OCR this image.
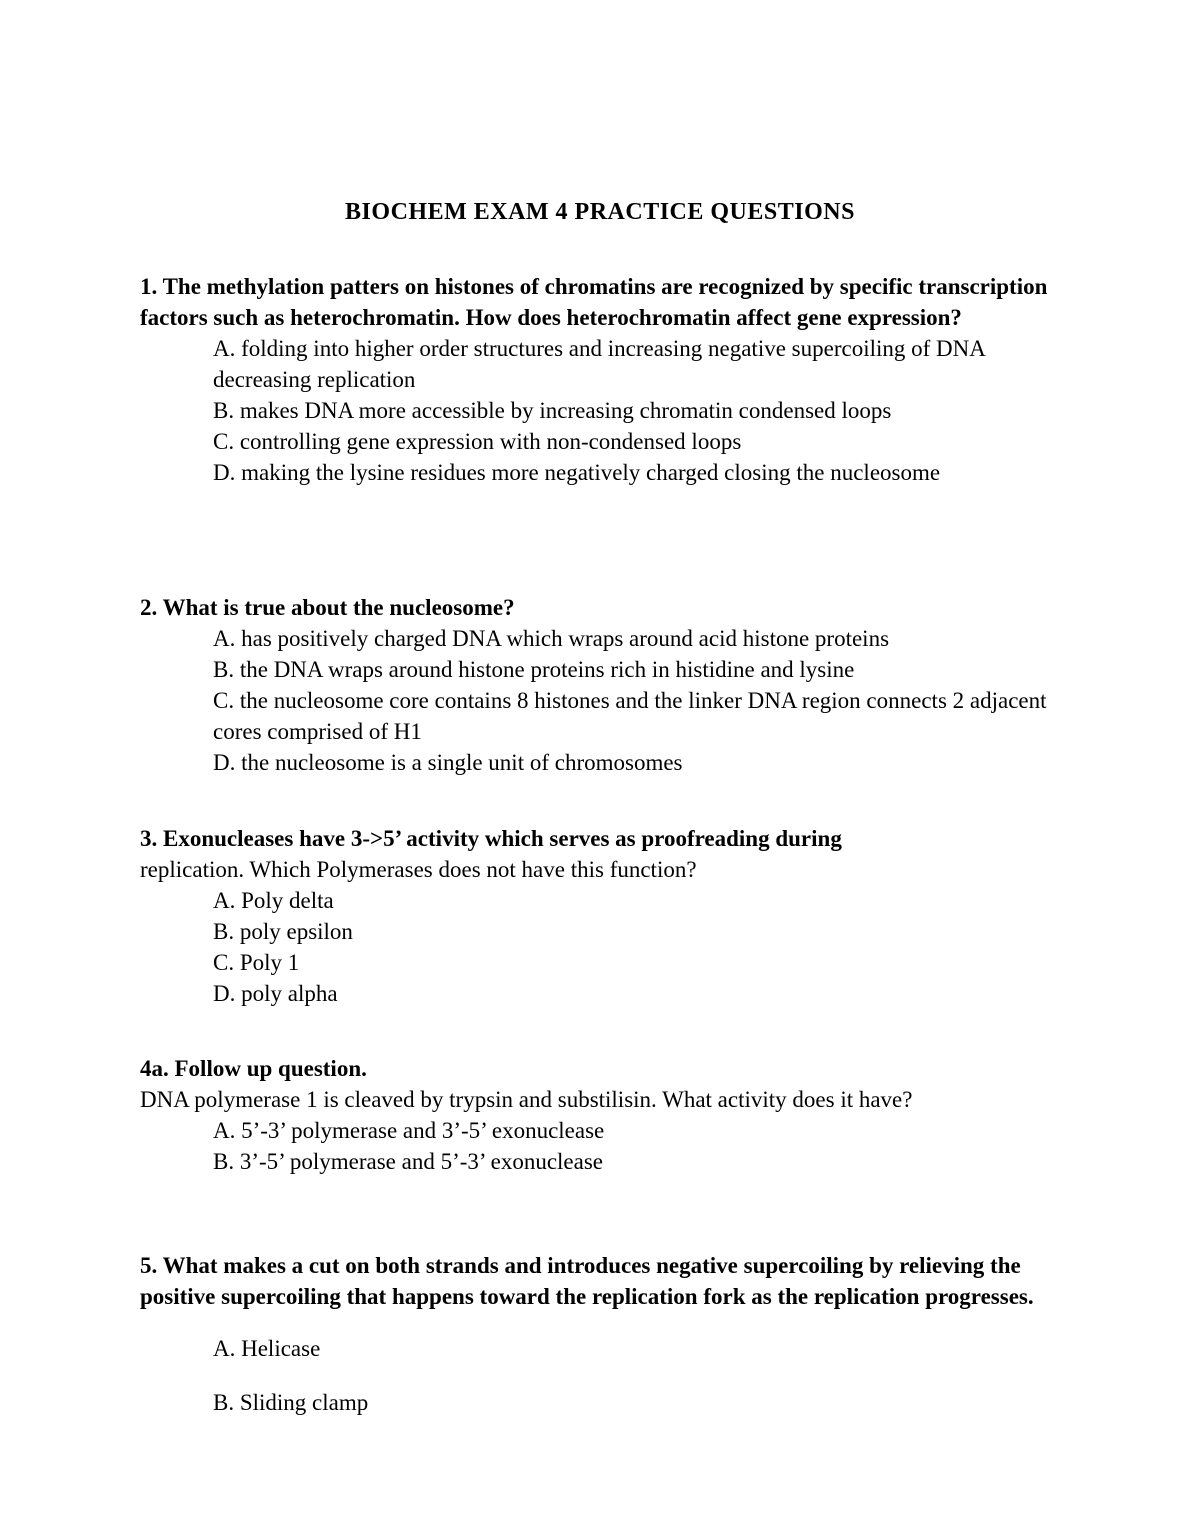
BIOCHEM EXAM 4 PRACTICE QUESTIONS
1. The methylation patters on histones of chromatins are recognized by specific transcription factors such as heterochromatin. How does heterochromatin affect gene expression?
A. folding into higher order structures and increasing negative supercoiling of DNA decreasing replication
B. makes DNA more accessible by increasing chromatin condensed loops
C. controlling gene expression with non-condensed loops
D. making the lysine residues more negatively charged closing the nucleosome
2. What is true about the nucleosome?
A. has positively charged DNA which wraps around acid histone proteins
B. the DNA wraps around histone proteins rich in histidine and lysine
C. the nucleosome core contains 8 histones and the linker DNA region connects 2 adjacent cores comprised of H1
D. the nucleosome is a single unit of chromosomes
3. Exonucleases have 3->5’ activity which serves as proofreading during
replication. Which Polymerases does not have this function?
A. Poly delta
B. poly epsilon
C. Poly 1
D. poly alpha
4a. Follow up question.
DNA polymerase 1 is cleaved by trypsin and substilisin. What activity does it have?
A. 5’-3’ polymerase and 3’-5’ exonuclease
B. 3’-5’ polymerase and 5’-3’ exonuclease
5. What makes a cut on both strands and introduces negative supercoiling by relieving the positive supercoiling that happens toward the replication fork as the replication progresses.
A. Helicase
B. Sliding clamp
